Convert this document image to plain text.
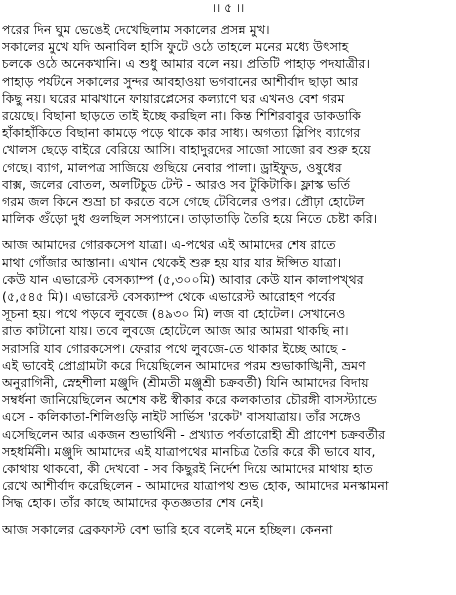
।। ৫ ।।
পরের দিন ঘুম ভেঙেই দেখেছিলাম সকালের প্রসন্ন মুখ।
সকালের মুখে যদি অনাবিল হাসি ফুটে ওঠে তাহলে মনের মধ্যে উৎসাহ
চলকে ওঠে অনেকখানি। এ শুধু আমার বলে নয়। প্রতিটি পাহাড় পদযাত্রীর।
পাহাড় পর্যটনে সকালের সুন্দর আবহাওয়া ভগবানের আশীর্বাদ ছাড়া আর
কিছু নয়। ঘরের মাঝখানে ফায়ারপ্লেসের কল্যাণে ঘর এখনও বেশ গরম
রয়েছে। বিছানা ছাড়তে তাই ইচ্ছে করছিল না। কিন্ত শিশিরবাবুর ডাকডাকি
হাঁকাহাঁকিতে বিছানা কামড়ে পড়ে থাকে কার সাধ্য। অগত্যা স্লিপিং ব্যাগের
খোলস ছেড়ে বাইরে বেরিয়ে আসি। বাহাদুরদের সাজো সাজো রব শুরু হয়ে
গেছে। ব্যাগ, মালপত্র সাজিয়ে গুছিয়ে নেবার পালা। ড্রাইফুড, ওষুধের
বাক্স, জলের বোতল, অলটিচুড টেন্ট - আরও সব টুকিটাকি। ফ্লাস্ক ভর্তি
গরম জল কিনে শুভ্রা চা করতে বসে গেছে টেবিলের ওপর। প্রৌঢ়া হোটেল
মালিক গুঁড়ো দুধ গুলছিল সসপ্যানে। তাড়াতাড়ি তৈরি হয়ে নিতে চেষ্টা করি।
আজ আমাদের গোরকসেপ যাত্রা। এ-পথের এই আমাদের শেষ রাতে
মাথা গোঁজার আস্তানা। এখান থেকেই শুরু হয় যার যার ঈপ্সিত যাত্রা।
কেউ যান এভারেস্ট বেসক্যাম্প (৫,৩০০মি) আবার কেউ যান কালাপখ্থর
(৫,৫৪৫ মি)। এভারেস্ট বেসক্যাম্প থেকে এভারেস্ট আরোহণ পর্বের
সূচনা হয়। পথে পড়বে লুবজে (৪৯৩০ মি) লজ বা হোটেল। সেখানেও
রাত কাটানো যায়। তবে লুবজে হোটেলে আজ আর আমরা থাকছি না।
সরাসরি যাব গোরকসেপ। ফেরার পথে লুবজে-তে থাকার ইচ্ছে আছে -
এই ভাবেই প্রোগ্রামটা করে দিয়েছিলেন আমাদের পরম শুভাকাঙ্খিনী, ভ্রমণ
অনুরাগিনী, স্নেহশীলা মঞ্জুদি (শ্রীমতী মঞ্জুশ্রী চক্রবর্তী) যিনি আমাদের বিদায়
সম্বর্ধনা জানিয়েছিলেন অশেষ কষ্ট স্বীকার করে কলকাতার চৌরঙ্গী বাসস্ট্যান্ডে
এসে - কলিকাতা-শিলিগুড়ি নাইট সার্ভিস 'রকেট' বাসযাত্রায়। তাঁর সঙ্গেও
এসেছিলেন আর একজন শুভার্থিনী - প্রখ্যাত পর্বতারোহী শ্রী প্রাণেশ চক্রবর্তীর
সহধর্মিনী। মঞ্জুদি আমাদের এই যাত্রাপথের মানচিত্র তৈরি করে কী ভাবে যাব,
কোথায় থাকবো, কী দেখবো - সব কিছুরই নির্দেশ দিয়ে আমাদের মাথায় হাত
রেখে আশীর্বাদ করেছিলেন - আমাদের যাত্রাপথ শুভ হোক, আমাদের মনস্কামনা
সিদ্ধ হোক। তাঁর কাছে আমাদের কৃতজ্ঞতার শেষ নেই।
আজ সকালের ব্রেকফাস্ট বেশ ভারি হবে বলেই মনে হচ্ছিল। কেননা
